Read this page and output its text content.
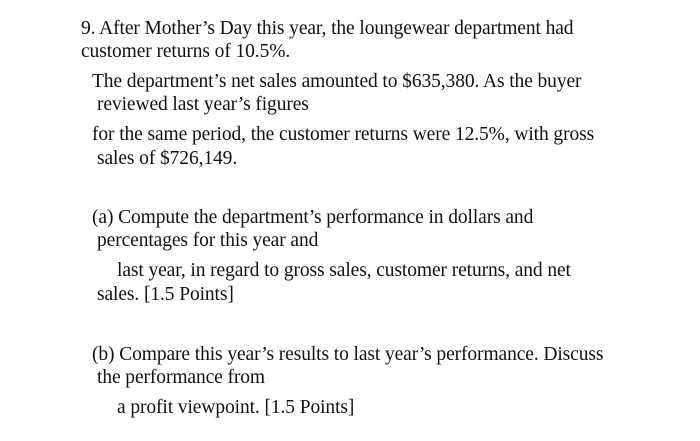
9. After Mother’s Day this year, the loungewear department had
customer returns of 10.5%.
The department’s net sales amounted to $635,380. As the buyer
reviewed last year’s figures
for the same period, the customer returns were 12.5%, with gross
sales of $726,149.
(a) Compute the department’s performance in dollars and
percentages for this year and
last year, in regard to gross sales, customer returns, and net
sales. [1.5 Points]
(b) Compare this year’s results to last year’s performance. Discuss
the performance from
a profit viewpoint. [1.5 Points]
